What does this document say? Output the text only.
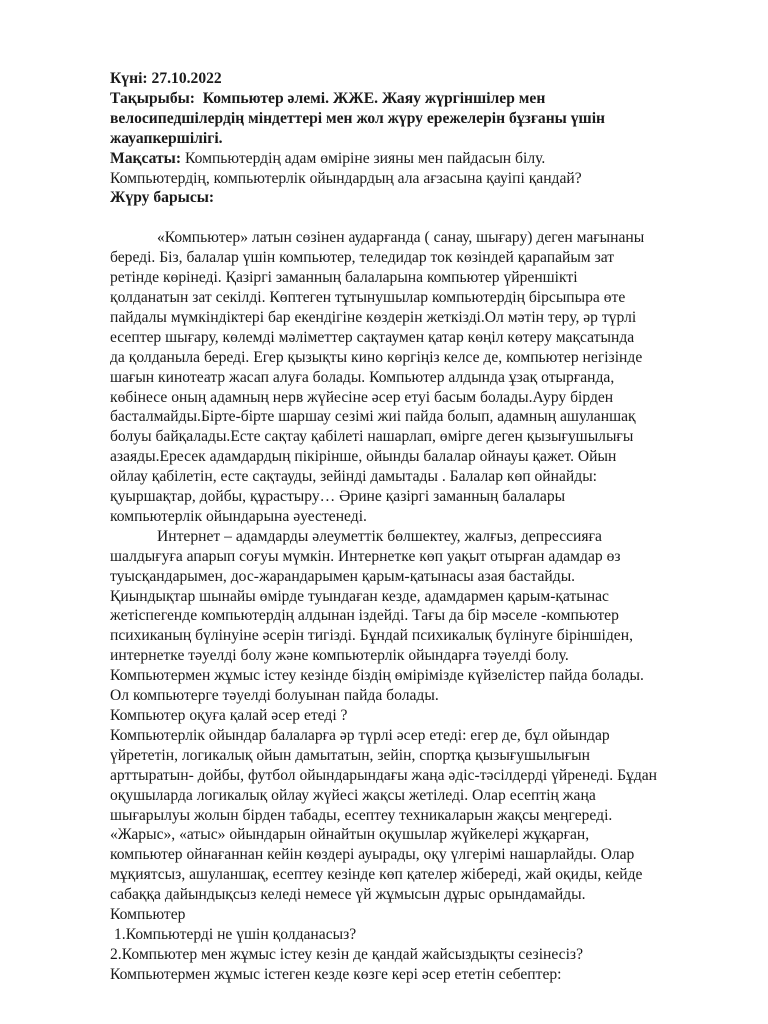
Күні: 27.10.2022
Тақырыбы: Компьютер әлемі. ЖЖЕ. Жаяу жүргіншілер мен
велосипедшілердің міндеттері мен жол жүру ережелерін бұзғаны үшін
жауапкершілігі.
Мақсаты: Компьютердің адам өміріне зияны мен пайдасын білу.
Компьютердің, компьютерлік ойындардың ала ағзасына қауіпі қандай?
Жүру барысы:

«Компьютер» латын сөзінен аударғанда ( санау, шығару) деген мағынаны
береді. Біз, балалар үшін компьютер, теледидар ток көзіндей қарапайым зат
ретінде көрінеді. Қазіргі заманның балаларына компьютер үйреншікті
қолданатын зат секілді. Көптеген тұтынушылар компьютердің бірсыпыра өте
пайдалы мүмкіндіктері бар екендігіне көздерін жеткізді.Ол мәтін теру, әр түрлі
есептер шығару, көлемді мәліметтер сақтаумен қатар көңіл көтеру мақсатында
да қолданыла береді. Егер қызықты кино көргіңіз келсе де, компьютер негізінде
шағын кинотеатр жасап алуға болады. Компьютер алдында ұзақ отырғанда,
көбінесе оның адамның нерв жүйесіне әсер етуі басым болады.Ауру бірден
басталмайды.Бірте-бірте шаршау сезімі жиі пайда болып, адамның ашуланшақ
болуы байқалады.Есте сақтау қабілеті нашарлап, өмірге деген қызығушылығы
азаяды.Ересек адамдардың пікірінше, ойынды балалар ойнауы қажет. Ойын
ойлау қабілетін, есте сақтауды, зейінді дамытады . Балалар көп ойнайды:
қуыршақтар, дойбы, құрастыру… Әрине қазіргі заманның балалары
компьютерлік ойындарына әуестенеді.
Интернет – адамдарды әлеуметтік бөлшектеу, жалғыз, депрессияға
шалдығуға апарып соғуы мүмкін. Интернетке көп уақыт отырған адамдар өз
туысқандарымен, дос-жарандарымен қарым-қатынасы азая бастайды.
Қиындықтар шынайы өмірде туындаған кезде, адамдармен қарым-қатынас
жетіспегенде компьютердің алдынан іздейді. Тағы да бір мәселе -компьютер
психиканың бүлінуіне әсерін тигізді. Бұндай психикалық бүлінуге біріншіден,
интернетке тәуелді болу және компьютерлік ойындарға тәуелді болу.
Компьютермен жұмыс істеу кезінде біздің өмірімізде күйзелістер пайда болады.
Ол компьютерге тәуелді болуынан пайда болады.
Компьютер оқуға қалай әсер етеді ?
Компьютерлік ойындар балаларға әр түрлі әсер етеді: егер де, бұл ойындар
үйрететін, логикалық ойын дамытатын, зейін, спортқа қызығушылығын
арттыратын- дойбы, футбол ойындарындағы жаңа әдіс-тәсілдерді үйренеді. Бұдан
оқушыларда логикалық ойлау жүйесі жақсы жетіледі. Олар есептің жаңа
шығарылуы жолын бірден табады, есептеу техникаларын жақсы меңгереді.
«Жарыс», «атыс» ойындарын ойнайтын оқушылар жүйкелері жұқарған,
компьютер ойнағаннан кейін көздері ауырады, оқу үлгерімі нашарлайды. Олар
мұқиятсыз, ашуланшақ, есептеу кезінде көп қателер жібереді, жай оқиды, кейде
сабаққа дайындықсыз келеді немесе үй жұмысын дұрыс орындамайды.
Компьютер
1.Компьютерді не үшін қолданасыз?
2.Компьютер мен жұмыс істеу кезін де қандай жайсыздықты сезінесіз?
Компьютермен жұмыс істеген кезде көзге кері әсер ететін себептер:
